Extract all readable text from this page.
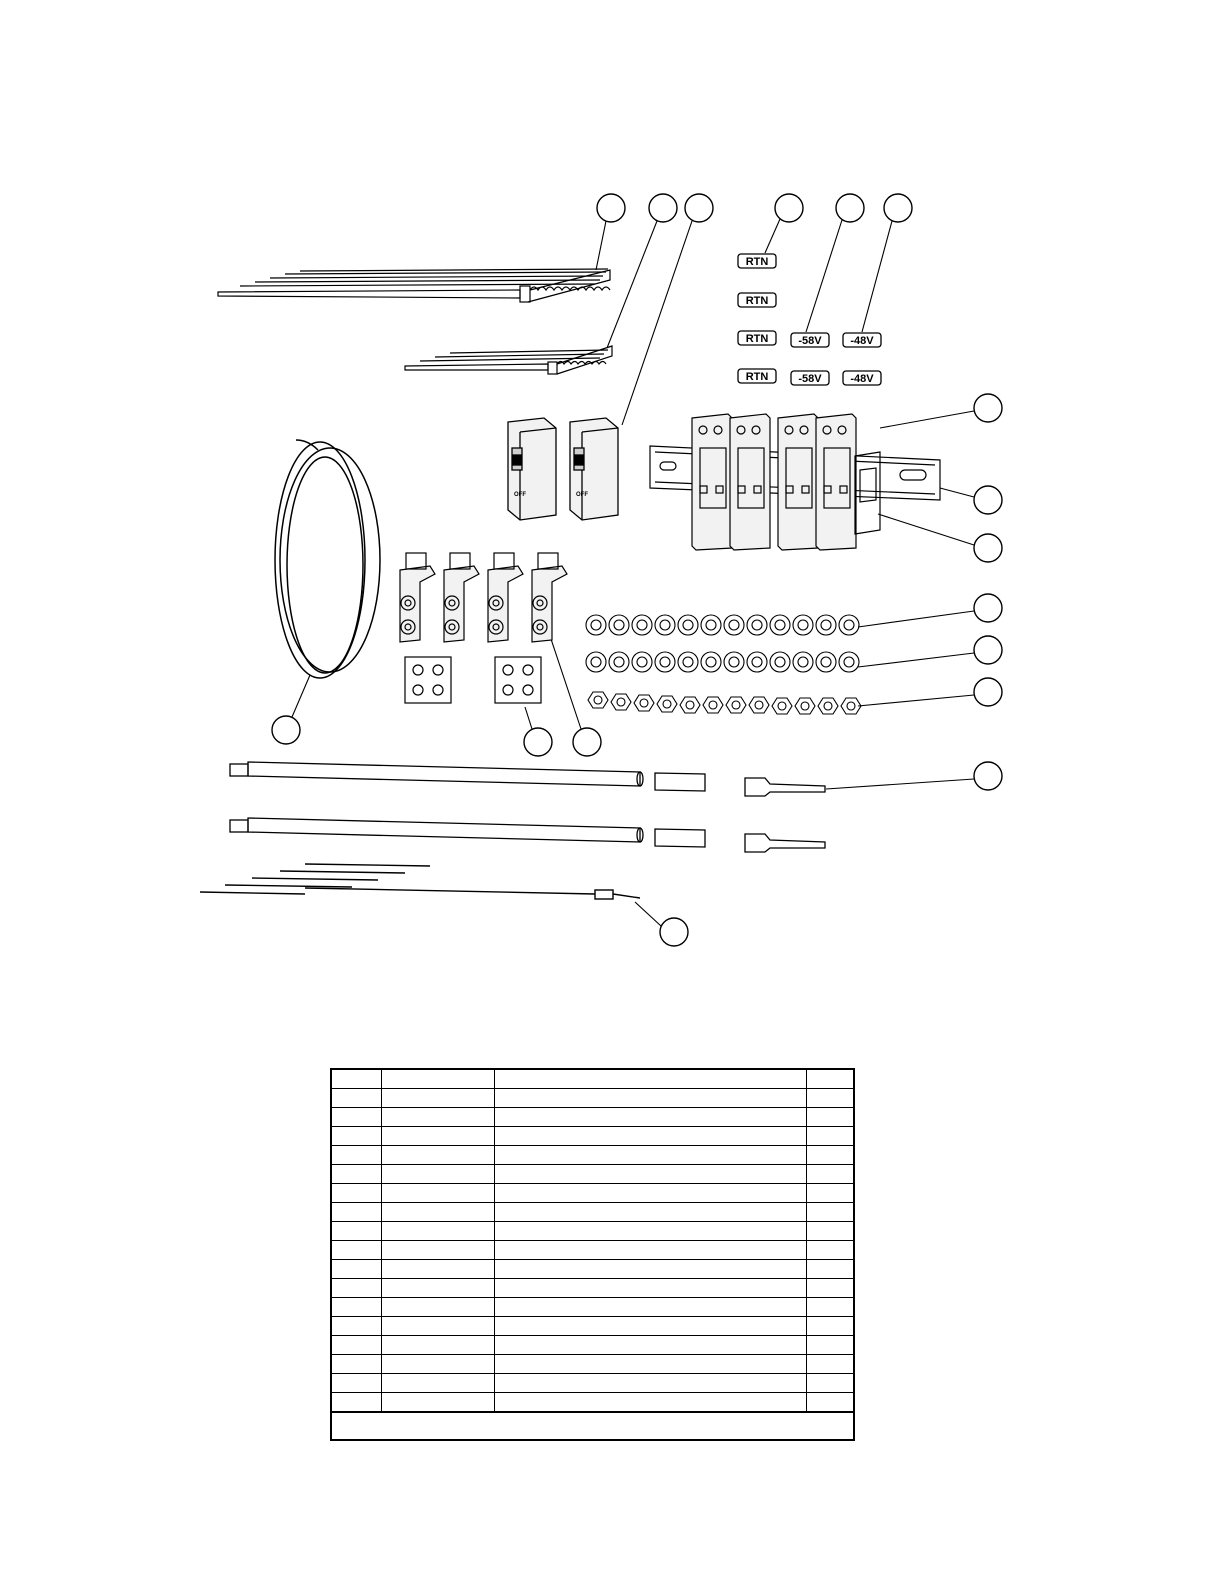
RTN
RTN
RTN
RTN
-58V
-58V
-48V
-48V
OFF	OFF
